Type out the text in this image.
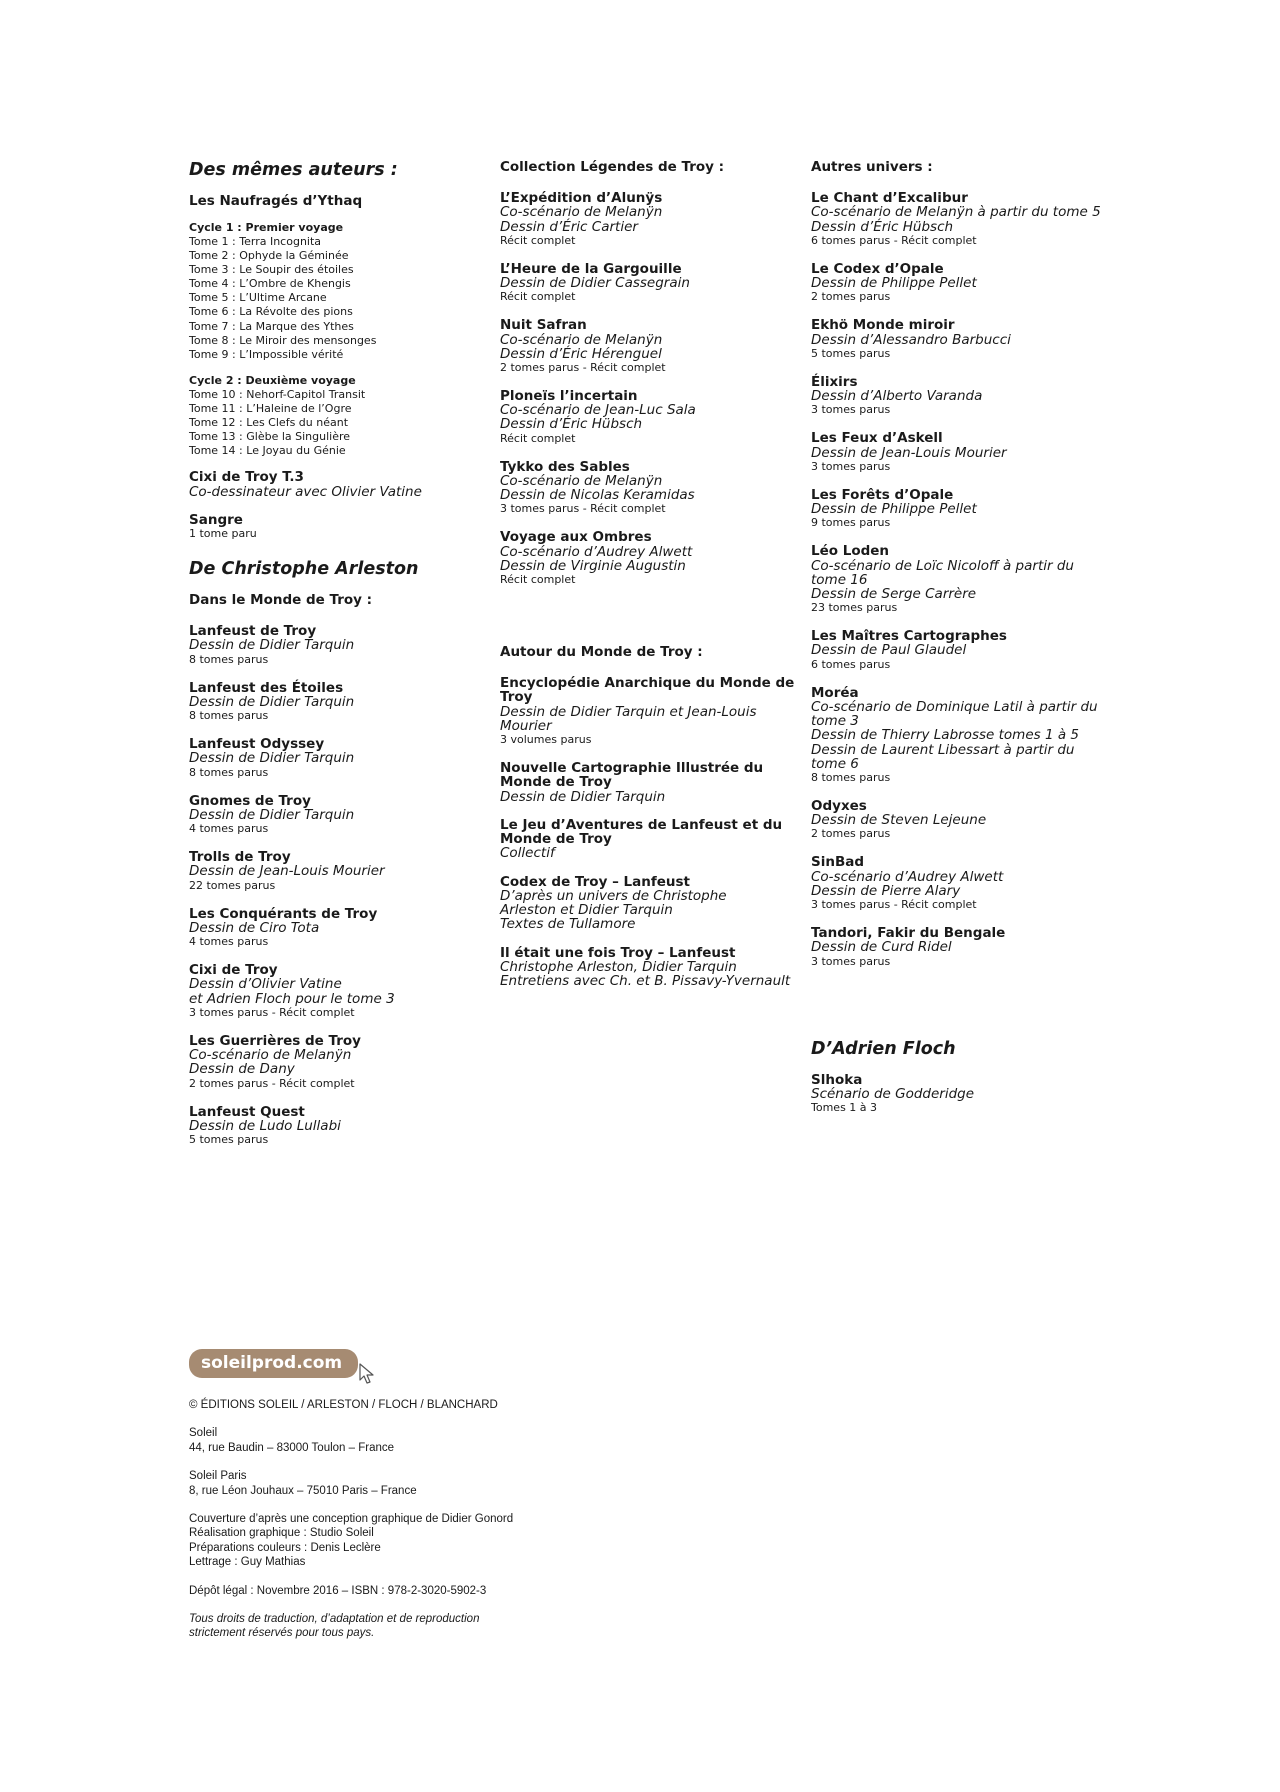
Des mêmes auteurs :
Les Naufragés d’Ythaq
Cycle 1 : Premier voyage
Tome 1 : Terra Incognita
Tome 2 : Ophyde la Géminée
Tome 3 : Le Soupir des étoiles
Tome 4 : L’Ombre de Khengis
Tome 5 : L’Ultime Arcane
Tome 6 : La Révolte des pions
Tome 7 : La Marque des Ythes
Tome 8 : Le Miroir des mensonges
Tome 9 : L’Impossible vérité
Cycle 2 : Deuxième voyage
Tome 10 : Nehorf-Capitol Transit
Tome 11 : L’Haleine de l’Ogre
Tome 12 : Les Clefs du néant
Tome 13 : Glèbe la Singulière
Tome 14 : Le Joyau du Génie
Cixi de Troy T.3
Co-dessinateur avec Olivier Vatine
Sangre
1 tome paru
De Christophe Arleston
Dans le Monde de Troy :
Lanfeust de Troy
Dessin de Didier Tarquin
8 tomes parus
Lanfeust des Étoiles
Dessin de Didier Tarquin
8 tomes parus
Lanfeust Odyssey
Dessin de Didier Tarquin
8 tomes parus
Gnomes de Troy
Dessin de Didier Tarquin
4 tomes parus
Trolls de Troy
Dessin de Jean-Louis Mourier
22 tomes parus
Les Conquérants de Troy
Dessin de Ciro Tota
4 tomes parus
Cixi de Troy
Dessin d’Olivier Vatine
et Adrien Floch pour le tome 3
3 tomes parus - Récit complet
Les Guerrières de Troy
Co-scénario de Melanÿn
Dessin de Dany
2 tomes parus - Récit complet
Lanfeust Quest
Dessin de Ludo Lullabi
5 tomes parus
Collection Légendes de Troy :
L’Expédition d’Alunÿs
Co-scénario de Melanÿn
Dessin d’Éric Cartier
Récit complet
L’Heure de la Gargouille
Dessin de Didier Cassegrain
Récit complet
Nuit Safran
Co-scénario de Melanÿn
Dessin d’Éric Hérenguel
2 tomes parus - Récit complet
Ploneïs l’incertain
Co-scénario de Jean-Luc Sala
Dessin d’Éric Hübsch
Récit complet
Tykko des Sables
Co-scénario de Melanÿn
Dessin de Nicolas Keramidas
3 tomes parus - Récit complet
Voyage aux Ombres
Co-scénario d’Audrey Alwett
Dessin de Virginie Augustin
Récit complet
Autour du Monde de Troy :
Encyclopédie Anarchique du Monde de Troy
Dessin de Didier Tarquin et Jean-Louis Mourier
3 volumes parus
Nouvelle Cartographie Illustrée du Monde de Troy
Dessin de Didier Tarquin
Le Jeu d’Aventures de Lanfeust et du Monde de Troy
Collectif
Codex de Troy – Lanfeust
D’après un univers de Christophe
Arleston et Didier Tarquin
Textes de Tullamore
Il était une fois Troy – Lanfeust
Christophe Arleston, Didier Tarquin
Entretiens avec Ch. et B. Pissavy-Yvernault
Autres univers :
Le Chant d’Excalibur
Co-scénario de Melanÿn à partir du tome 5
Dessin d’Éric Hübsch
6 tomes parus - Récit complet
Le Codex d’Opale
Dessin de Philippe Pellet
2 tomes parus
Ekhö Monde miroir
Dessin d’Alessandro Barbucci
5 tomes parus
Élixirs
Dessin d’Alberto Varanda
3 tomes parus
Les Feux d’Askell
Dessin de Jean-Louis Mourier
3 tomes parus
Les Forêts d’Opale
Dessin de Philippe Pellet
9 tomes parus
Léo Loden
Co-scénario de Loïc Nicoloff à partir du tome 16
Dessin de Serge Carrère
23 tomes parus
Les Maîtres Cartographes
Dessin de Paul Glaudel
6 tomes parus
Moréa
Co-scénario de Dominique Latil à partir du tome 3
Dessin de Thierry Labrosse tomes 1 à 5
Dessin de Laurent Libessart à partir du tome 6
8 tomes parus
Odyxes
Dessin de Steven Lejeune
2 tomes parus
SinBad
Co-scénario d’Audrey Alwett
Dessin de Pierre Alary
3 tomes parus - Récit complet
Tandori, Fakir du Bengale
Dessin de Curd Ridel
3 tomes parus
D’Adrien Floch
Slhoka
Scénario de Godderidge
Tomes 1 à 3
soleilprod.com
© ÉDITIONS SOLEIL / ARLESTON / FLOCH / BLANCHARD
Soleil
44, rue Baudin – 83000 Toulon – France
Soleil Paris
8, rue Léon Jouhaux – 75010 Paris – France
Couverture d’après une conception graphique de Didier Gonord
Réalisation graphique : Studio Soleil
Préparations couleurs : Denis Leclère
Lettrage : Guy Mathias
Dépôt légal : Novembre 2016 – ISBN : 978-2-3020-5902-3
Tous droits de traduction, d’adaptation et de reproduction
strictement réservés pour tous pays.
